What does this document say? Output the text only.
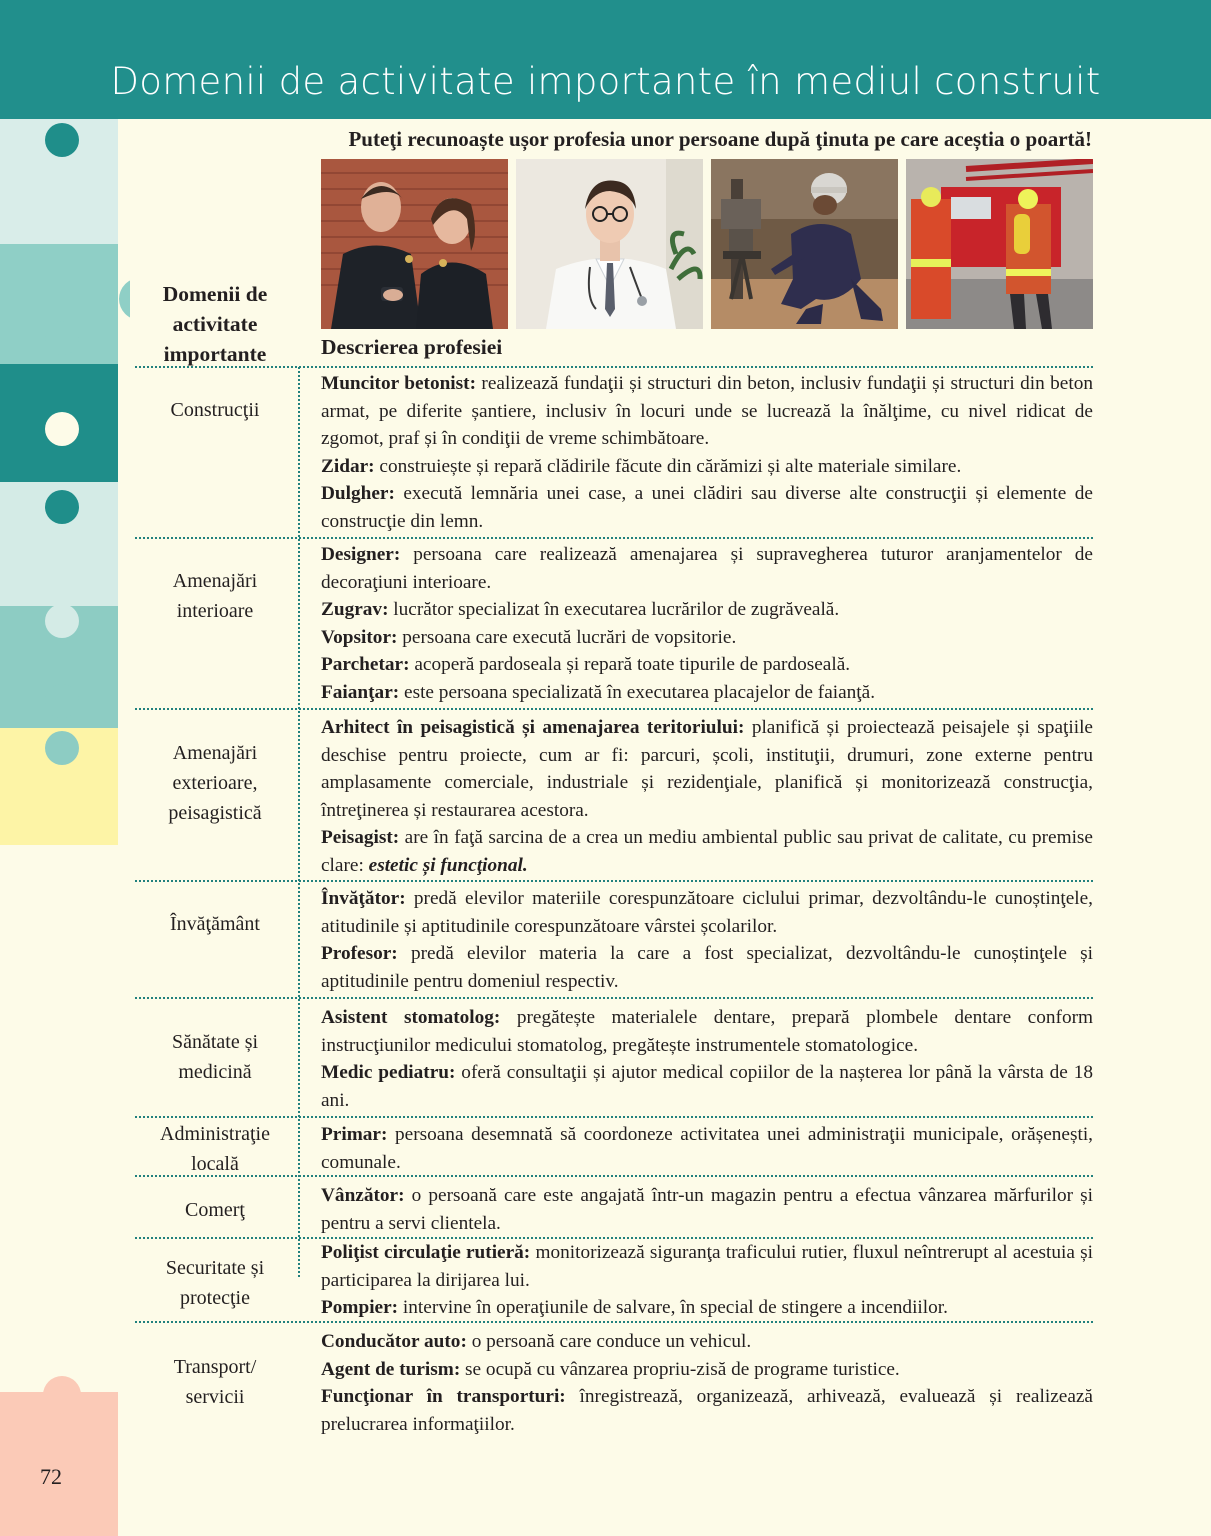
Domenii de activitate importante în mediul construit
Puteţi recunoaște ușor profesia unor persoane după ţinuta pe care aceștia o poartă!
Domenii de activitate importante	Descrierea profesiei
Construcţii
Amenajări interioare
Amenajări exterioare, peisagistică
Învăţământ
Sănătate și medicină
Administraţie locală
Comerţ
Securitate și protecţie
Transport/ servicii

Muncitor betonist: realizează fundaţii și structuri din beton, inclusiv fundaţii și structuri din beton armat, pe diferite șantiere, inclusiv în locuri unde se lucrează la înălţime, cu nivel ridicat de zgomot, praf și în condiţii de vreme schimbătoare.

Zidar: construiește și repară clădirile făcute din cărămizi și alte materiale similare.

Dulgher: execută lemnăria unei case, a unei clădiri sau diverse alte construcţii și elemente de construcţie din lemn.

Designer: persoana care realizează amenajarea și supravegherea tuturor aranjamentelor de decoraţiuni interioare.

Zugrav: lucrător specializat în executarea lucrărilor de zugrăveală.

Vopsitor: persoana care execută lucrări de vopsitorie.

Parchetar: acoperă pardoseala și repară toate tipurile de pardoseală.

Faianţar: este persoana specializată în executarea placajelor de faianţă.

Arhitect în peisagistică și amenajarea teritoriului: planifică și proiectează peisajele și spaţiile deschise pentru proiecte, cum ar fi: parcuri, școli, instituţii, drumuri, zone externe pentru amplasamente comerciale, industriale și rezidenţiale, planifică și monitorizează construcţia, întreţinerea și restaurarea acestora.

Peisagist: are în faţă sarcina de a crea un mediu ambiental public sau privat de calitate, cu premise clare: estetic și funcţional.

Învăţător: predă elevilor materiile corespunzătoare ciclului primar, dezvoltându-le cunoștinţele, atitudinile și aptitudinile corespunzătoare vârstei școlarilor.

Profesor: predă elevilor materia la care a fost specializat, dezvoltându-le cunoștinţele și aptitudinile pentru domeniul respectiv.

Asistent stomatolog: pregătește materialele dentare, prepară plombele dentare conform instrucţiunilor medicului stomatolog, pregătește instrumentele stomatologice.

Medic pediatru: oferă consultaţii și ajutor medical copiilor de la nașterea lor până la vârsta de 18 ani.

Primar: persoana desemnată să coordoneze activitatea unei administraţii municipale, orășenești, comunale.

Vânzător: o persoană care este angajată într-un magazin pentru a efectua vânzarea mărfurilor și pentru a servi clientela.

Poliţist circulaţie rutieră: monitorizează siguranţa traficului rutier, fluxul neîntrerupt al acestuia și participarea la dirijarea lui.

Pompier: intervine în operaţiunile de salvare, în special de stingere a incendiilor.

Conducător auto: o persoană care conduce un vehicul.

Agent de turism: se ocupă cu vânzarea propriu-zisă de programe turistice.

Funcţionar în transporturi: înregistrează, organizează, arhivează, evaluează și realizează prelucrarea informaţiilor.

72
